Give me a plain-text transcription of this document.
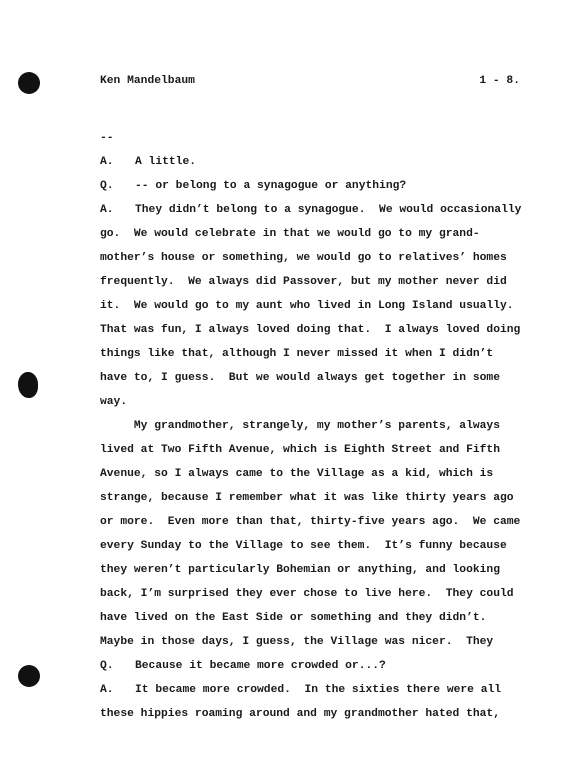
Ken Mandelbaum	1 - 8.
--
A. A little.
Q. -- or belong to a synagogue or anything?
A. They didn’t belong to a synagogue.  We would occasionally
go.  We would celebrate in that we would go to my grand-
mother’s house or something, we would go to relatives’ homes
frequently.  We always did Passover, but my mother never did
it.  We would go to my aunt who lived in Long Island usually.
That was fun, I always loved doing that.  I always loved doing
things like that, although I never missed it when I didn’t
have to, I guess.  But we would always get together in some
way.
My grandmother, strangely, my mother’s parents, always
lived at Two Fifth Avenue, which is Eighth Street and Fifth
Avenue, so I always came to the Village as a kid, which is
strange, because I remember what it was like thirty years ago
or more.  Even more than that, thirty-five years ago.  We came
every Sunday to the Village to see them.  It’s funny because
they weren’t particularly Bohemian or anything, and looking
back, I’m surprised they ever chose to live here.  They could
have lived on the East Side or something and they didn’t.
Maybe in those days, I guess, the Village was nicer.  They
Q. Because it became more crowded or...?
A. It became more crowded.  In the sixties there were all
these hippies roaming around and my grandmother hated that,
